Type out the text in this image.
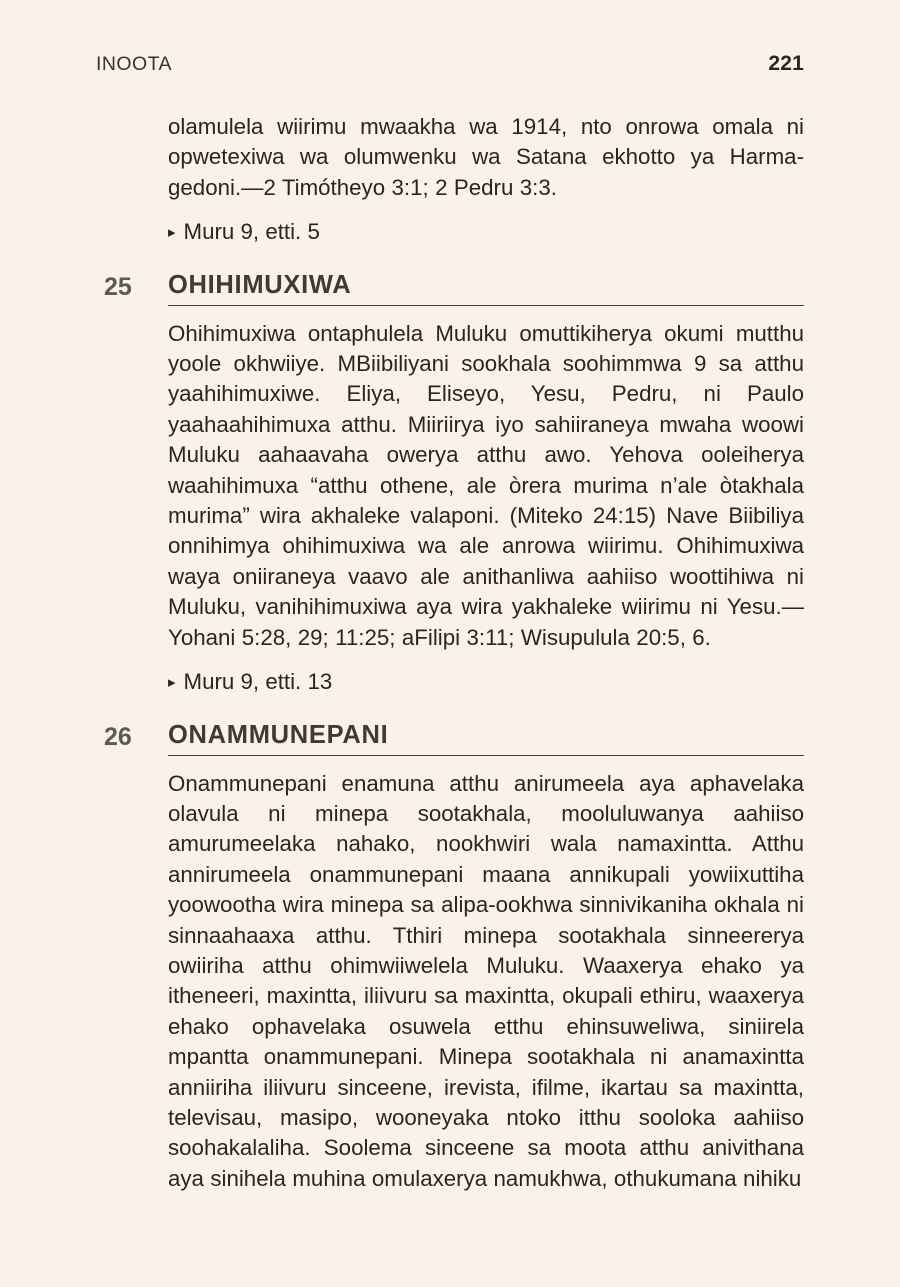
INOOTA	221

olamulela wiirimu mwaakha wa 1914, nto onrowa omala ni opwetexiwa wa olumwenku wa Satana ekhotto ya Harmagedoni.—2 Timótheyo 3:1; 2 Pedru 3:3.

▸ Muru 9, etti. 5
25	OHIHIMUXIWA

Ohihimuxiwa ontaphulela Muluku omuttikiherya okumi mutthu yoole okhwiiye. MBiibiliyani sookhala soohimmwa 9 sa atthu yaahihimuxiwe. Eliya, Eliseyo, Yesu, Pedru, ni Paulo yaahaahihimuxa atthu. Miiriirya iyo sahiiraneya mwaha woowi Muluku aahaavaha owerya atthu awo. Yehova ooleiherya waahihimuxa “atthu othene, ale òrera murima n’ale òtakhala murima” wira akhaleke valaponi. (Miteko 24:15) Nave Biibiliya onnihimya ohihimuxiwa wa ale anrowa wiirimu. Ohihimuxiwa waya oniiraneya vaavo ale anithanliwa aahiiso woottihiwa ni Muluku, vanihihimuxiwa aya wira yakhaleke wiirimu ni Yesu.—Yohani 5:28, 29; 11:25; aFilipi 3:11; Wisupulula 20:5, 6.

▸ Muru 9, etti. 13
26	ONAMMUNEPANI

Onammunepani enamuna atthu anirumeela aya aphavelaka olavula ni minepa sootakhala, mooluluwanya aahiiso amurumeelaka nahako, nookhwiri wala namaxintta. Atthu annirumeela onammunepani maana annikupali yowiixuttiha yoowootha wira minepa sa alipa-ookhwa sinnivikaniha okhala ni sinnaahaaxa atthu. Tthiri minepa sootakhala sinneererya owiiriha atthu ohimwiiwelela Muluku. Waaxerya ehako ya itheneeri, maxintta, iliivuru sa maxintta, okupali ethiru, waaxerya ehako ophavelaka osuwela etthu ehinsuweliwa, siniirela mpantta onammunepani. Minepa sootakhala ni anamaxintta anniiriha iliivuru sinceene, irevista, ifilme, ikartau sa maxintta, televisau, masipo, wooneyaka ntoko itthu sooloka aahiiso soohakalaliha. Soolema sinceene sa moota atthu anivithana aya sinihela muhina omulaxerya namukhwa, othukumana nihiku
